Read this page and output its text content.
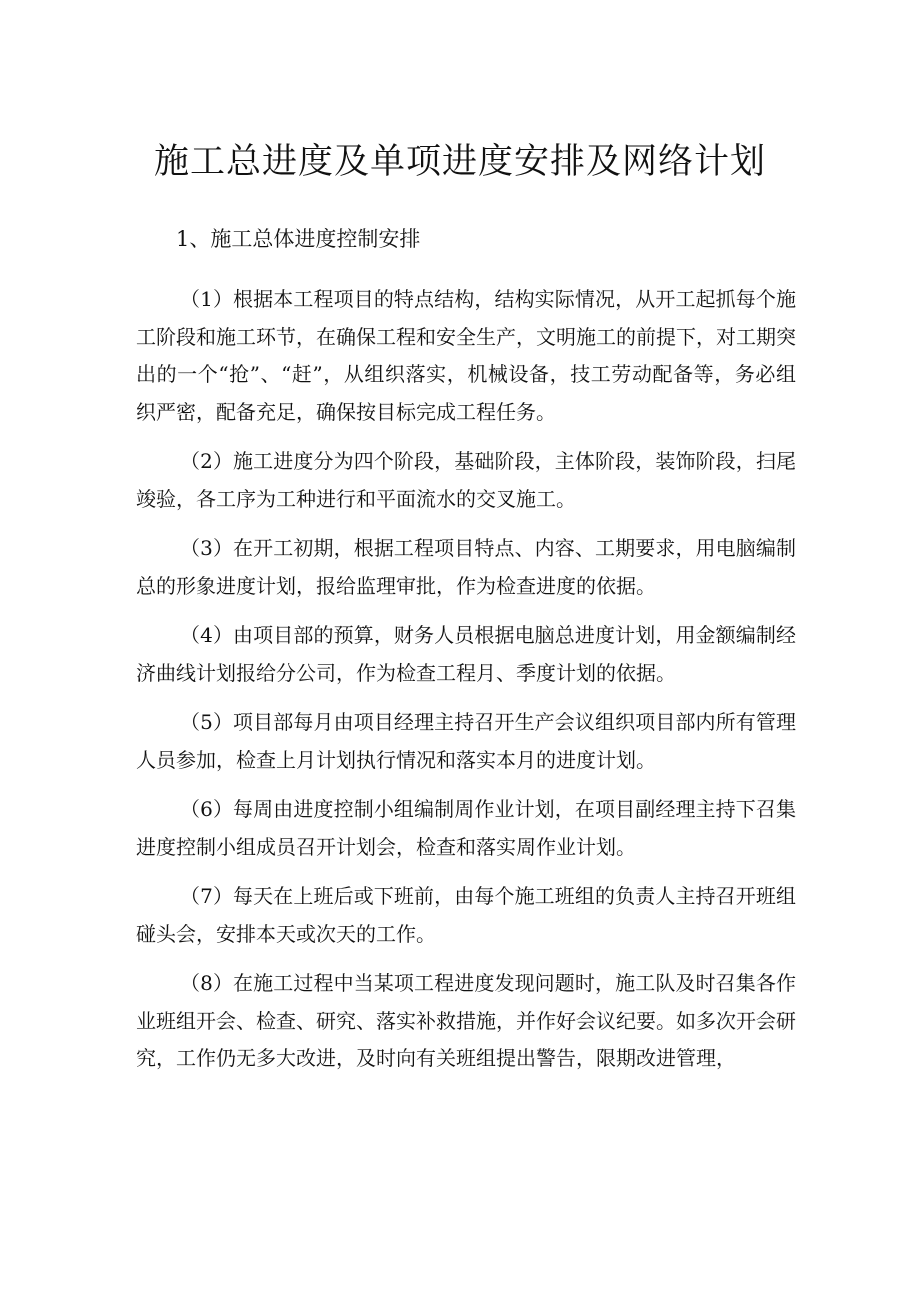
施工总进度及单项进度安排及网络计划
1、施工总体进度控制安排

（1）根据本工程项目的特点结构，结构实际情况，从开工起抓每个施工阶段和施工环节，在确保工程和安全生产，文明施工的前提下，对工期突出的一个“抢”、“赶”，从组织落实，机械设备，技工劳动配备等，务必组织严密，配备充足，确保按目标完成工程任务。

（2）施工进度分为四个阶段，基础阶段，主体阶段，装饰阶段，扫尾竣验，各工序为工种进行和平面流水的交叉施工。

（3）在开工初期，根据工程项目特点、内容、工期要求，用电脑编制总的形象进度计划，报给监理审批，作为检查进度的依据。

（4）由项目部的预算，财务人员根据电脑总进度计划，用金额编制经济曲线计划报给分公司，作为检查工程月、季度计划的依据。

（5）项目部每月由项目经理主持召开生产会议组织项目部内所有管理人员参加，检查上月计划执行情况和落实本月的进度计划。

（6）每周由进度控制小组编制周作业计划，在项目副经理主持下召集进度控制小组成员召开计划会，检查和落实周作业计划。

（7）每天在上班后或下班前，由每个施工班组的负责人主持召开班组碰头会，安排本天或次天的工作。

（8）在施工过程中当某项工程进度发现问题时，施工队及时召集各作业班组开会、检查、研究、落实补救措施，并作好会议纪要。如多次开会研究，工作仍无多大改进，及时向有关班组提出警告，限期改进管理，
